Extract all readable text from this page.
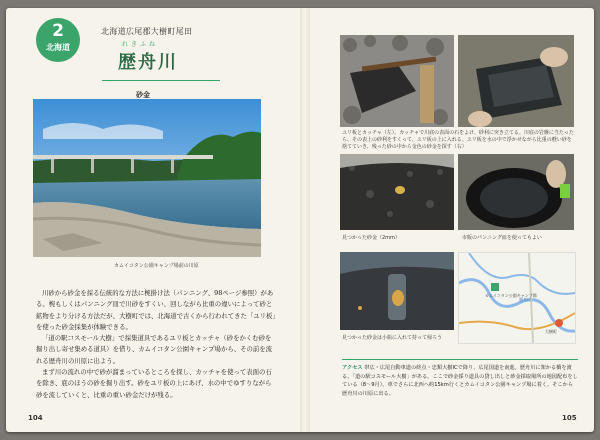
2
北海道
北海道広尾郡大樹町尾田
れきふね
歴舟川
砂金
カムイコタン公園キャンプ場前の川原

川砂から砂金を採る伝統的な方法に椀掛け法（パンニング、98ページ参照）がある。椀もしくはパンニング皿で川砂をすくい、回しながら比重の違いによって砂と鉱物をより分ける方法だが、大樹町では、北海道で古くから行われてきた「ユリ板」を使った砂金採集が体験できる。

「道の駅コスモール大樹」で採集道具であるユリ板とカッチャ（砂をかくむ砂を掘り出し寄せ集める道具）を借り、カムイコタン公園キャンプ場から、その前を流れる歴舟川の川原に出よう。

まず川の流れの中で砂が溜まっているところを探し、カッチャを使って表面の石を除き、底のほうの砂を掘り出す。砂をユリ板の上にあげ、水の中でゆすりながら砂を流していくと、比重の重い砂金だけが残る。

104
ユリ板とカッチャ（左）。カッチャで川底の表面の石をよけ、砂利に突き立てる。川底の岩盤に当たったら、その表上の砂利をすくって、ユリ板の上に入れる。ユリ板を水の中で浮かせながら比重の軽い砂を捨てていき、残った砂の中から金色の砂金を探す（右）
見つかった砂金（2mm）	市販のパンニング皿を使ってもよい
見つかった砂金は小瓶に入れて持って帰ろう
カムイコタン公園キャンプ場
歴舟川
大樹町
アクセス 帯広・広尾自動車道の終点・忠類大樹ICで降り、広尾国道を南進。歴舟川に架かる橋を渡る。「道の駅コスモール大樹」がある。ここで砂金採り道具の貸し出しと砂金採取場所の地図配布をしている（8〜9月）。車でさらに北西へ約15km行くとカムイコタン公園キャンプ場に着く。そこから歴舟川の川原に出る。
105
